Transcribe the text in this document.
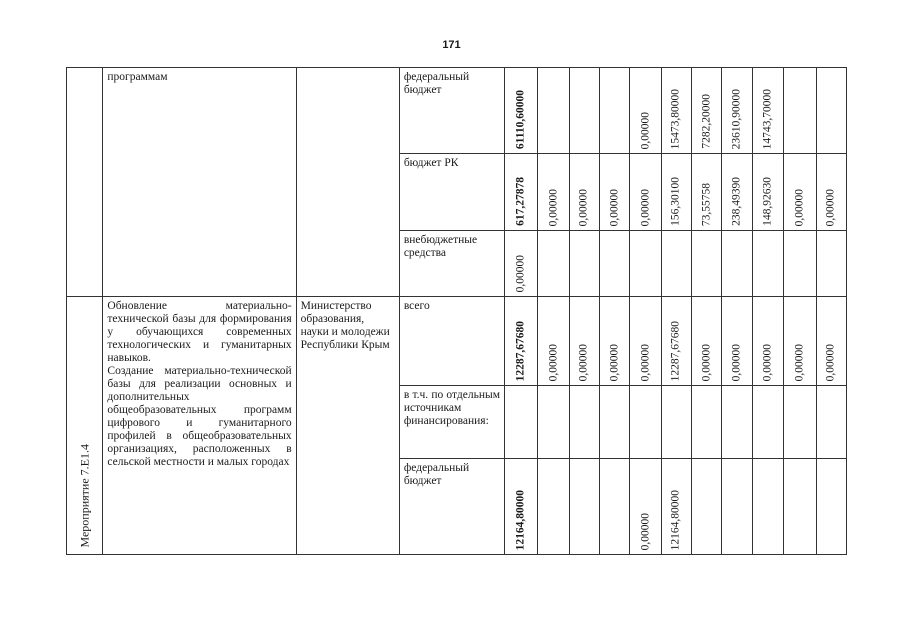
171

	программам		федеральный бюджет	61110,60000				0,00000	15473,80000	7282,20000	23610,90000	14743,70000		

			бюджет РК	617,27878	0,00000	0,00000	0,00000	0,00000	156,30100	73,55758	238,49390	148,92630	0,00000	0,00000

			внебюджетные средства	0,00000										

Мероприятие 7.Е1.4	Обновление материально-технической базы для формирования у обучающихся современных технологических и гуманитарных навыков.
Создание материально-технической базы для реализации основных и дополнительных общеобразовательных программ цифрового и гуманитарного профилей в общеобразовательных организациях, расположенных в сельской местности и малых городах	Министерство образования, науки и молодежи Республики Крым	всего	12287,67680	0,00000	0,00000	0,00000	0,00000	12287,67680	0,00000	0,00000	0,00000	0,00000	0,00000

			в т.ч. по отдельным источникам финансирования:											

			федеральный бюджет	12164,80000				0,00000	12164,80000					
